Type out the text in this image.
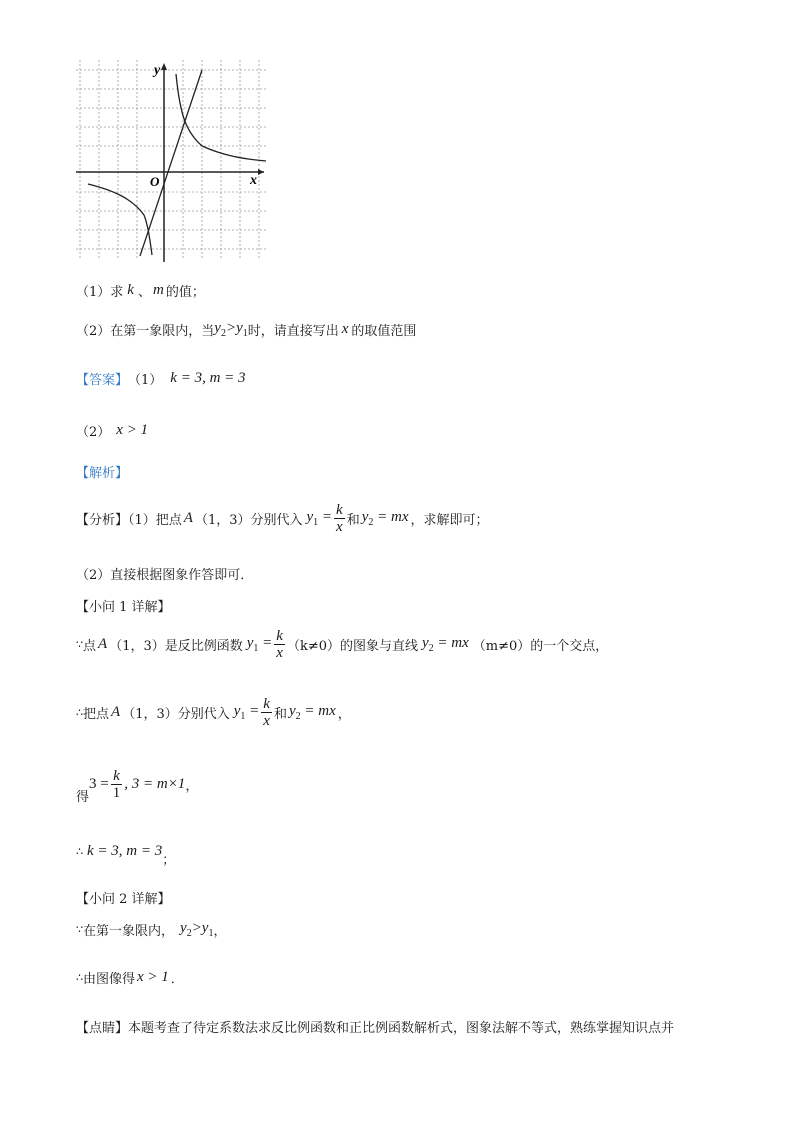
y
x
O
（1）求 k 、 m 的值；
（2）在第一象限内，当 $y_2>y_1$ 时，请直接写出 x 的取值范围
【答案】 （1） k = 3, m = 3
（2） x > 1
【解析】
【分析】（1）把点 A （1，3）分别代入 $y_1 = \frac{k}{x}$ 和 $y_2$ = mx ，求解即可；
（2）直接根据图象作答即可．
【小问 1 详解】
∵ 点 A （1，3）是反比例函数 $y_1 = \frac{k}{x} (k\ne 0)$的图象与直线 $y_2$ = mx （m≠0）的一个交点，
∴ 把点 A （1，3）分别代入 $y_1 = \frac{k}{x}$ 和 $y_2$ = mx ，
得
$3 = \frac{k}{1}$ , 3 = m×1 ，
∴ k = 3, m = 3
；
【小问 2 详解】
∵ 在第一象限内， $y_2>y_1$ ，
∴ 由图像得 x > 1 ．
【点睛】本题考查了待定系数法求反比例函数和正比例函数解析式，图象法解不等式，熟练掌握知识点并
